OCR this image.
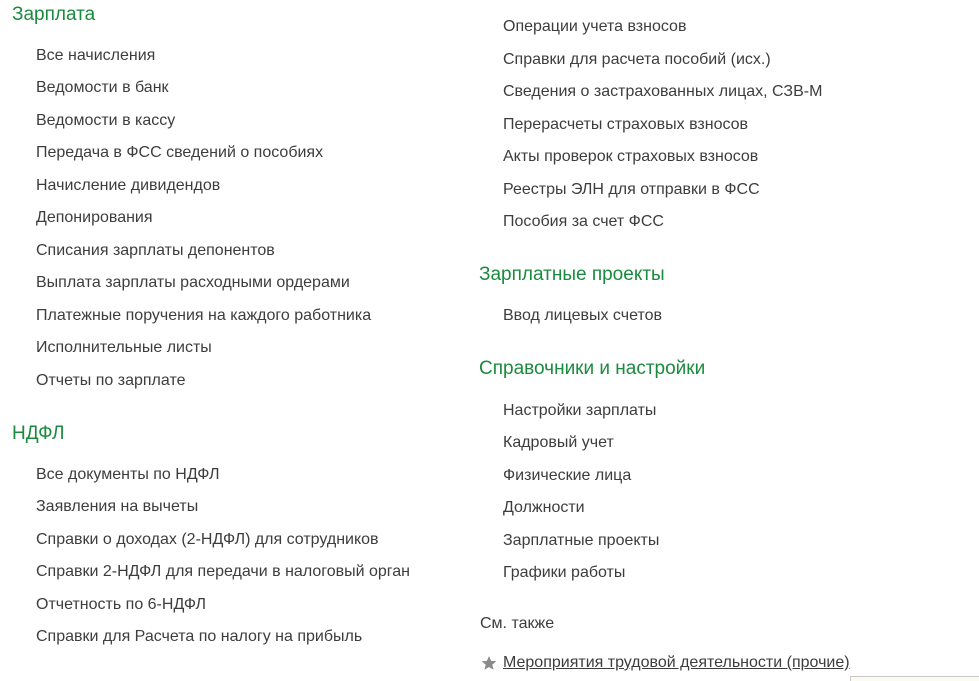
Зарплата
Все начисления
Ведомости в банк
Ведомости в кассу
Передача в ФСС сведений о пособиях
Начисление дивидендов
Депонирования
Списания зарплаты депонентов
Выплата зарплаты расходными ордерами
Платежные поручения на каждого работника
Исполнительные листы
Отчеты по зарплате
НДФЛ
Все документы по НДФЛ
Заявления на вычеты
Справки о доходах (2-НДФЛ) для сотрудников
Справки 2-НДФЛ для передачи в налоговый орган
Отчетность по 6-НДФЛ
Справки для Расчета по налогу на прибыль
Операции учета взносов
Справки для расчета пособий (исх.)
Сведения о застрахованных лицах, СЗВ-М
Перерасчеты страховых взносов
Акты проверок страховых взносов
Реестры ЭЛН для отправки в ФСС
Пособия за счет ФСС
Зарплатные проекты
Ввод лицевых счетов
Справочники и настройки
Настройки зарплаты
Кадровый учет
Физические лица
Должности
Зарплатные проекты
Графики работы
См. также
Мероприятия трудовой деятельности (прочие)
